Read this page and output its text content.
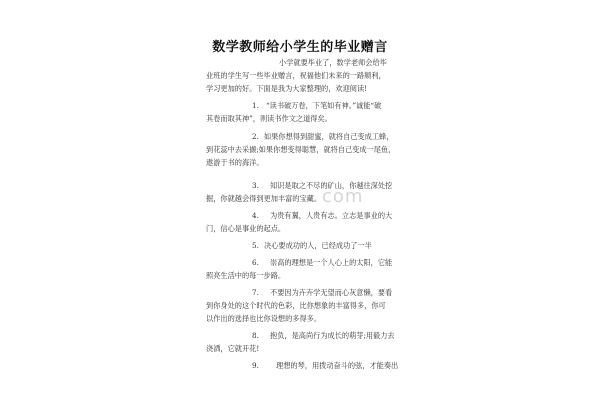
数学教师给小学生的毕业赠言
小学就要毕业了，数学老师会给毕
业班的学生写一些毕业赠言，祝福他们未来的一路顺利，
学习更加的好。下面是我为大家整理的，欢迎阅读!
1. “读书破万卷，下笔如有神。”诚能“破
其卷而取其神”，则读书作文之道得矣。
2. 如果你想得到甜蜜，就将自己变成工蜂，
到花蕊中去采撷;如果你想变得聪慧，就将自己变成一尾鱼，
遨游于书的海洋。
3. 知识是取之不尽的矿山，你越往深处挖
掘，你就越会得到更加丰富的宝藏。 com
4. 为贵有翼，人贵有志。立志是事业的大
门，信心是事业的起点。
5. 决心要成功的人，已经成功了一半
6. 崇高的理想是一个人心上的太阳，它能
照亮生活中的每一步路。
7. 不要因为卉卉学无望而心灰意懒，要看
到你身处的这个时代的色彩，比你想象的丰富得多，你可
以作出的选择也比你设想的多得多。
8. 抱负，是高尚行为成长的萌芽;用毅力去
浇洒，它就开花!
9. 理想的琴，用拨动奋斗的弦，才能奏出
